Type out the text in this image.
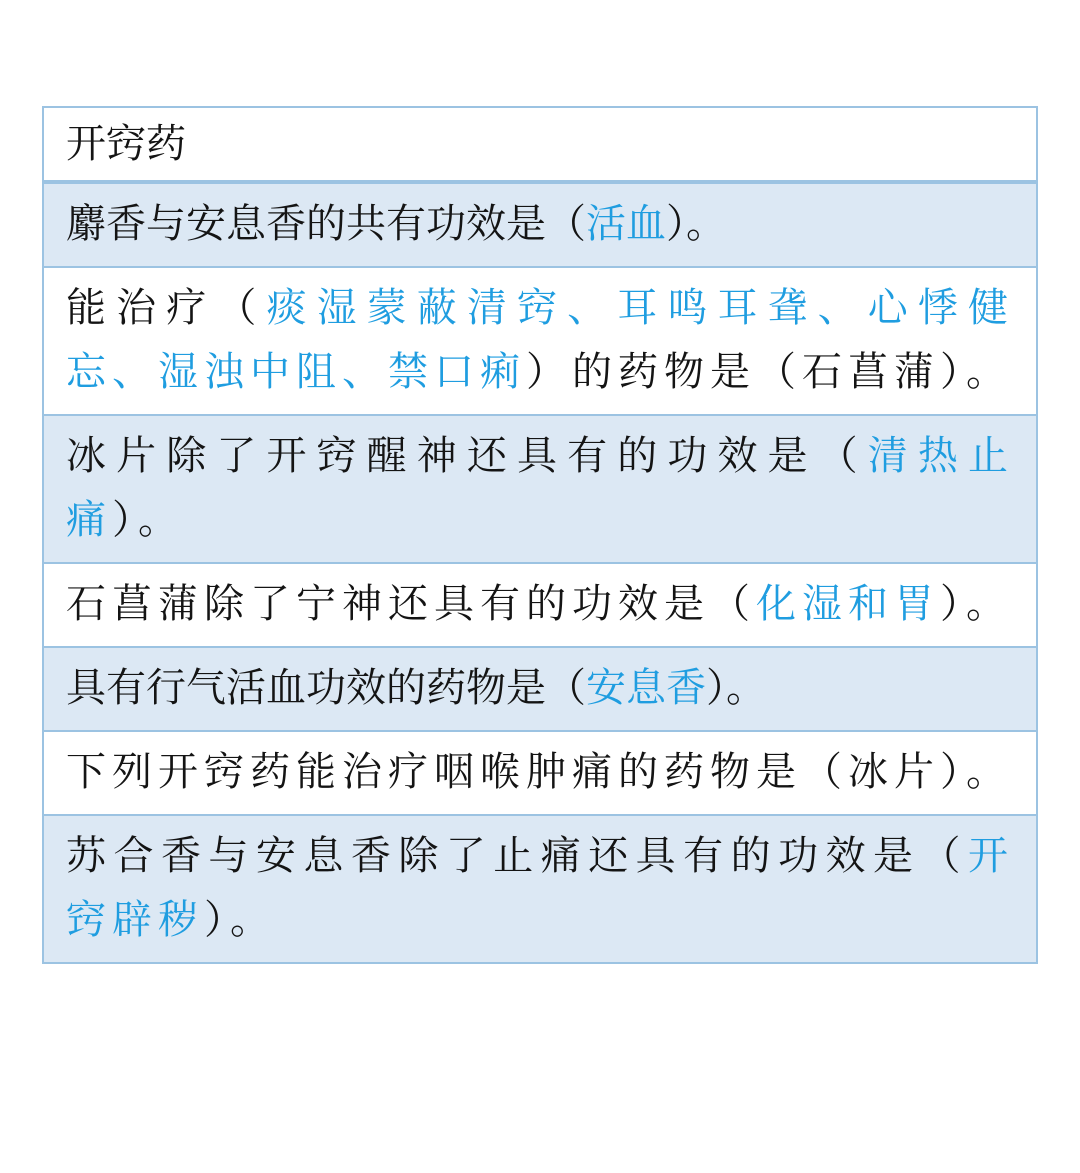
开窍药
麝香与安息香的共有功效是（活血）。
能治疗（痰湿蒙蔽清窍、耳鸣耳聋、心悸健忘、湿浊中阻、禁口痢）的药物是（石菖蒲）。
冰片除了开窍醒神还具有的功效是（清热止痛）。
石菖蒲除了宁神还具有的功效是（化湿和胃）。
具有行气活血功效的药物是（安息香）。
下列开窍药能治疗咽喉肿痛的药物是（冰片）。
苏合香与安息香除了止痛还具有的功效是（开窍辟秽）。
